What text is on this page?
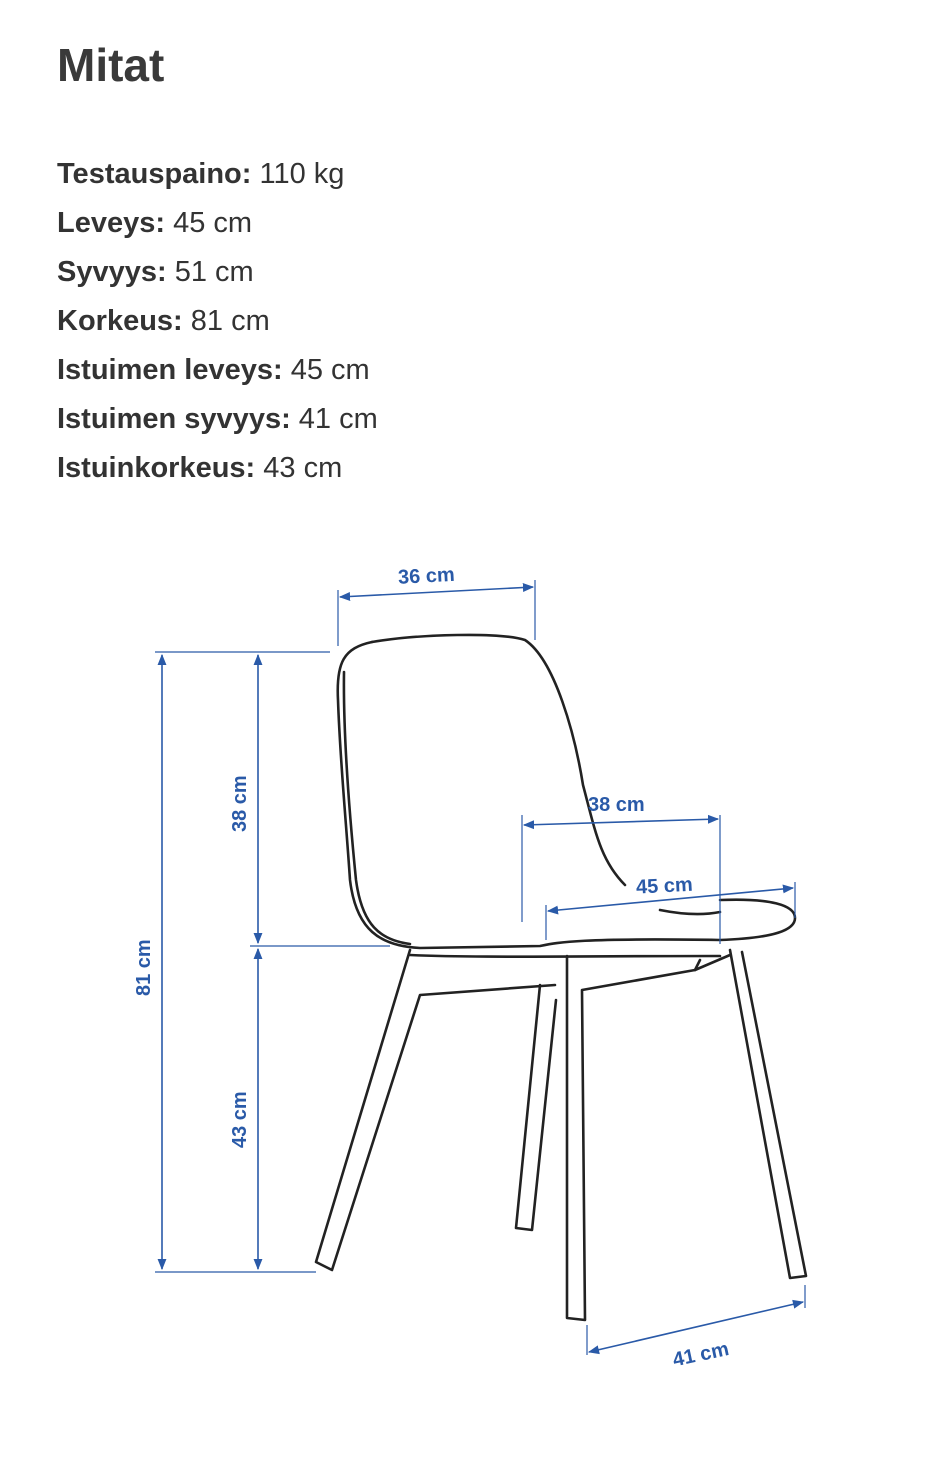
Mitat
Testauspaino: 110 kg
Leveys: 45 cm
Syvyys: 51 cm
Korkeus: 81 cm
Istuimen leveys: 45 cm
Istuimen syvyys: 41 cm
Istuinkorkeus: 43 cm
36 cm
38 cm
81 cm
43 cm
38 cm
45 cm
41 cm
